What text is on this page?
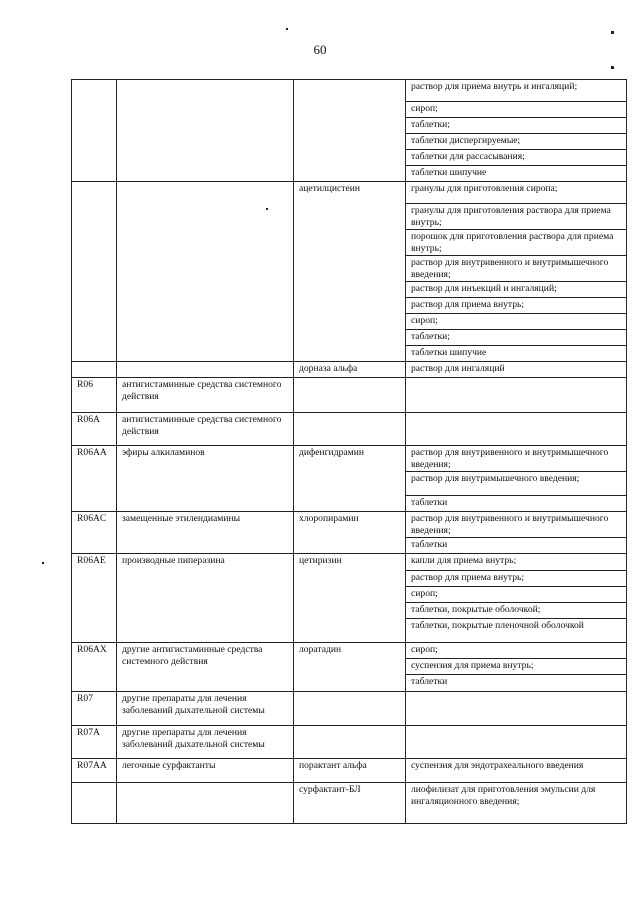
60
			раствор для приема внутрь и ингаляций;
			сироп;
			таблетки;
			таблетки диспергируемые;
			таблетки для рассасывания;
			таблетки шипучие
		ацетилцистеин	гранулы для приготовления сиропа;
			гранулы для приготовления раствора для приема внутрь;
			порошок для приготовления раствора для приема внутрь;
			раствор для внутривенного и внутримышечного введения;
			раствор для инъекций и ингаляций;
			раствор для приема внутрь;
			сироп;
			таблетки;
			таблетки шипучие
		дорназа альфа	раствор для ингаляций
R06	антигистаминные средства системного действия		
R06A	антигистаминные средства системного действия		
R06AA	эфиры алкиламинов	дифенгидрамин	раствор для внутривенного и внутримышечного введения;
			раствор для внутримышечного введения;
			таблетки
R06AC	замещенные этилендиамины	хлоропирамин	раствор для внутривенного и внутримышечного введения;
			таблетки
R06AE	производные пиперазина	цетиризин	капли для приема внутрь;
			раствор для приема внутрь;
			сироп;
			таблетки, покрытые оболочкой;
			таблетки, покрытые пленочной оболочкой
R06AX	другие антигистаминные средства системного действия	лоратадин	сироп;
			суспензия для приема внутрь;
			таблетки
R07	другие препараты для лечения заболеваний дыхательной системы		
R07A	другие препараты для лечения заболеваний дыхательной системы		
R07AA	легочные сурфактанты	порактант альфа	суспензия для эндотрахеального введения
		сурфактант-БЛ	лиофилизат для приготовления эмульсии для ингаляционного введения;
